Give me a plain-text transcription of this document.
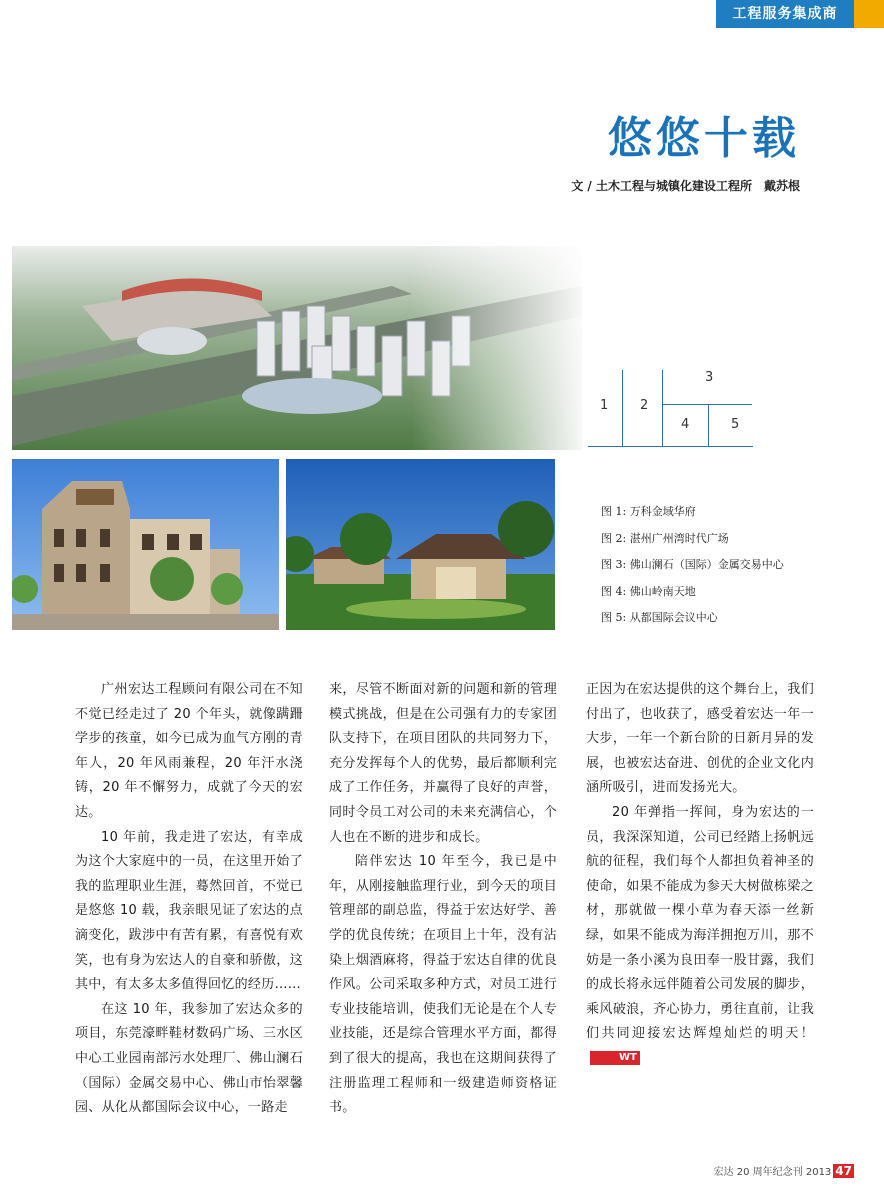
工程服务集成商
悠悠十载
文 / 土木工程与城镇化建设工程所　戴苏根
1 2
3
4	5
图 1: 万科金域华府
图 2: 湛州广州湾时代广场
图 3: 佛山澜石（国际）金属交易中心
图 4: 佛山岭南天地
图 5: 从都国际会议中心

广州宏达工程顾问有限公司在不知不觉已经走过了 20 个年头，就像蹒跚学步的孩童，如今已成为血气方刚的青年人，20 年风雨兼程，20 年汗水浇铸，20 年不懈努力，成就了今天的宏达。

10 年前，我走进了宏达，有幸成为这个大家庭中的一员，在这里开始了我的监理职业生涯，蓦然回首，不觉已是悠悠 10 载，我亲眼见证了宏达的点滴变化，跋涉中有苦有累，有喜悦有欢笑，也有身为宏达人的自豪和骄傲，这其中，有太多太多值得回忆的经历……

在这 10 年，我参加了宏达众多的项目，东莞濠畔鞋材数码广场、三水区中心工业园南部污水处理厂、佛山澜石（国际）金属交易中心、佛山市怡翠馨园、从化从都国际会议中心，一路走

来，尽管不断面对新的问题和新的管理模式挑战，但是在公司强有力的专家团队支持下，在项目团队的共同努力下，充分发挥每个人的优势，最后都顺利完成了工作任务，并赢得了良好的声誉，同时令员工对公司的未来充满信心，个人也在不断的进步和成长。

陪伴宏达 10 年至今，我已是中年，从刚接触监理行业，到今天的项目管理部的副总监，得益于宏达好学、善学的优良传统；在项目上十年，没有沾染上烟酒麻将，得益于宏达自律的优良作风。公司采取多种方式，对员工进行专业技能培训，使我们无论是在个人专业技能，还是综合管理水平方面，都得到了很大的提高，我也在这期间获得了注册监理工程师和一级建造师资格证书。

正因为在宏达提供的这个舞台上，我们付出了，也收获了，感受着宏达一年一大步，一年一个新台阶的日新月异的发展，也被宏达奋进、创优的企业文化内涵所吸引，进而发扬光大。

20 年弹指一挥间，身为宏达的一员，我深深知道，公司已经踏上扬帆远航的征程，我们每个人都担负着神圣的使命，如果不能成为参天大树做栋梁之材，那就做一棵小草为春天添一丝新绿，如果不能成为海洋拥抱万川，那不妨是一条小溪为良田奉一股甘露，我们的成长将永远伴随着公司发展的脚步，乘风破浪，齐心协力，勇往直前，让我们共同迎接宏达辉煌灿烂的明天！WT

宏达 20 周年纪念刊 2013 47
